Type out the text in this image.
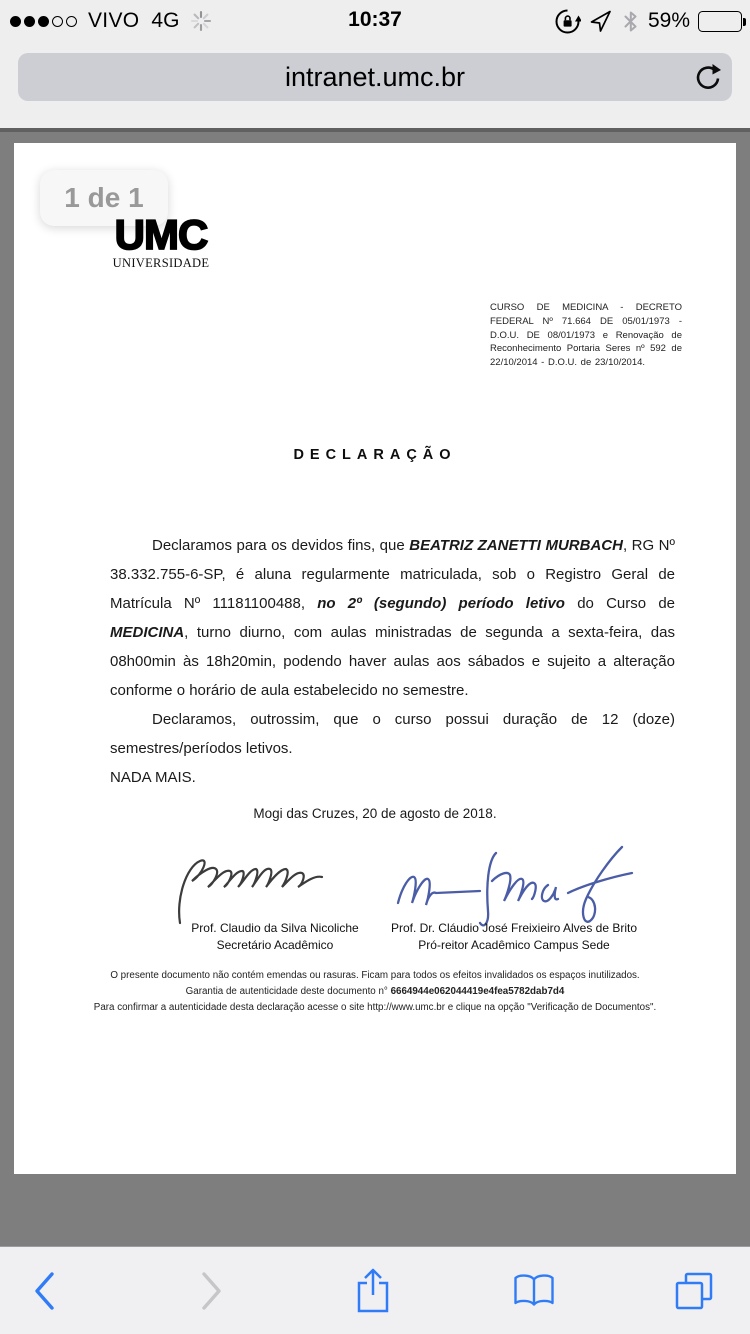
VIVO 4G	10:37	59%
intranet.umc.br
1 de 1
UMC
UNIVERSIDADE
CURSO DE MEDICINA - DECRETO FEDERAL Nº 71.664 DE 05/01/1973 - D.O.U. DE 08/01/1973 e Renovação de Reconhecimento Portaria Seres nº 592 de 22/10/2014 - D.O.U. de 23/10/2014.
DECLARAÇÃO

Declaramos para os devidos fins, que BEATRIZ ZANETTI MURBACH, RG Nº 38.332.755-6-SP, é aluna regularmente matriculada, sob o Registro Geral de Matrícula Nº 11181100488, no 2º (segundo) período letivo do Curso de MEDICINA, turno diurno, com aulas ministradas de segunda a sexta-feira, das 08h00min às 18h20min, podendo haver aulas aos sábados e sujeito a alteração conforme o horário de aula estabelecido no semestre.

Declaramos, outrossim, que o curso possui duração de 12 (doze) semestres/períodos letivos.

NADA MAIS.

Mogi das Cruzes, 20 de agosto de 2018.
Prof. Claudio da Silva Nicoliche
Secretário Acadêmico
Prof. Dr. Cláudio José Freixieiro Alves de Brito
Pró-reitor Acadêmico Campus Sede
O presente documento não contém emendas ou rasuras. Ficam para todos os efeitos invalidados os espaços inutilizados.
Garantia de autenticidade deste documento n° 6664944e062044419e4fea5782dab7d4
Para confirmar a autenticidade desta declaração acesse o site http://www.umc.br e clique na opção "Verificação de Documentos".
